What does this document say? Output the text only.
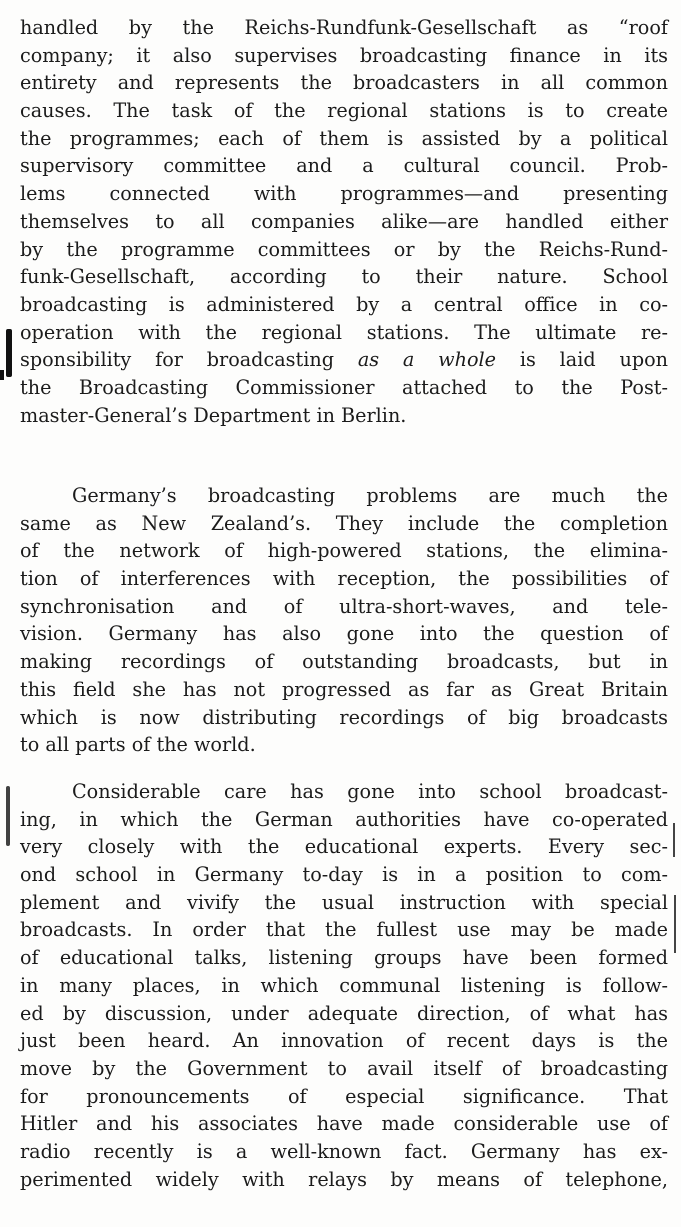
handled by the Reichs-Rundfunk-Gesellschaft as “roof
company; it also supervises broadcasting finance in its
entirety and represents the broadcasters in all common
causes. The task of the regional stations is to create
the programmes; each of them is assisted by a political
supervisory committee and a cultural council. Prob-
lems connected with programmes—and presenting
themselves to all companies alike—are handled either
by the programme committees or by the Reichs-Rund-
funk-Gesellschaft, according to their nature. School
broadcasting is administered by a central office in co-
operation with the regional stations. The ultimate re-
sponsibility for broadcasting as a whole is laid upon
the Broadcasting Commissioner attached to the Post-
master-General’s Department in Berlin.
Germany’s broadcasting problems are much the
same as New Zealand’s. They include the completion
of the network of high-powered stations, the elimina-
tion of interferences with reception, the possibilities of
synchronisation and of ultra-short-waves, and tele-
vision. Germany has also gone into the question of
making recordings of outstanding broadcasts, but in
this field she has not progressed as far as Great Britain
which is now distributing recordings of big broadcasts
to all parts of the world.
Considerable care has gone into school broadcast-
ing, in which the German authorities have co-operated
very closely with the educational experts. Every sec-
ond school in Germany to-day is in a position to com-
plement and vivify the usual instruction with special
broadcasts. In order that the fullest use may be made
of educational talks, listening groups have been formed
in many places, in which communal listening is follow-
ed by discussion, under adequate direction, of what has
just been heard. An innovation of recent days is the
move by the Government to avail itself of broadcasting
for pronouncements of especial significance. That
Hitler and his associates have made considerable use of
radio recently is a well-known fact. Germany has ex-
perimented widely with relays by means of telephone,
